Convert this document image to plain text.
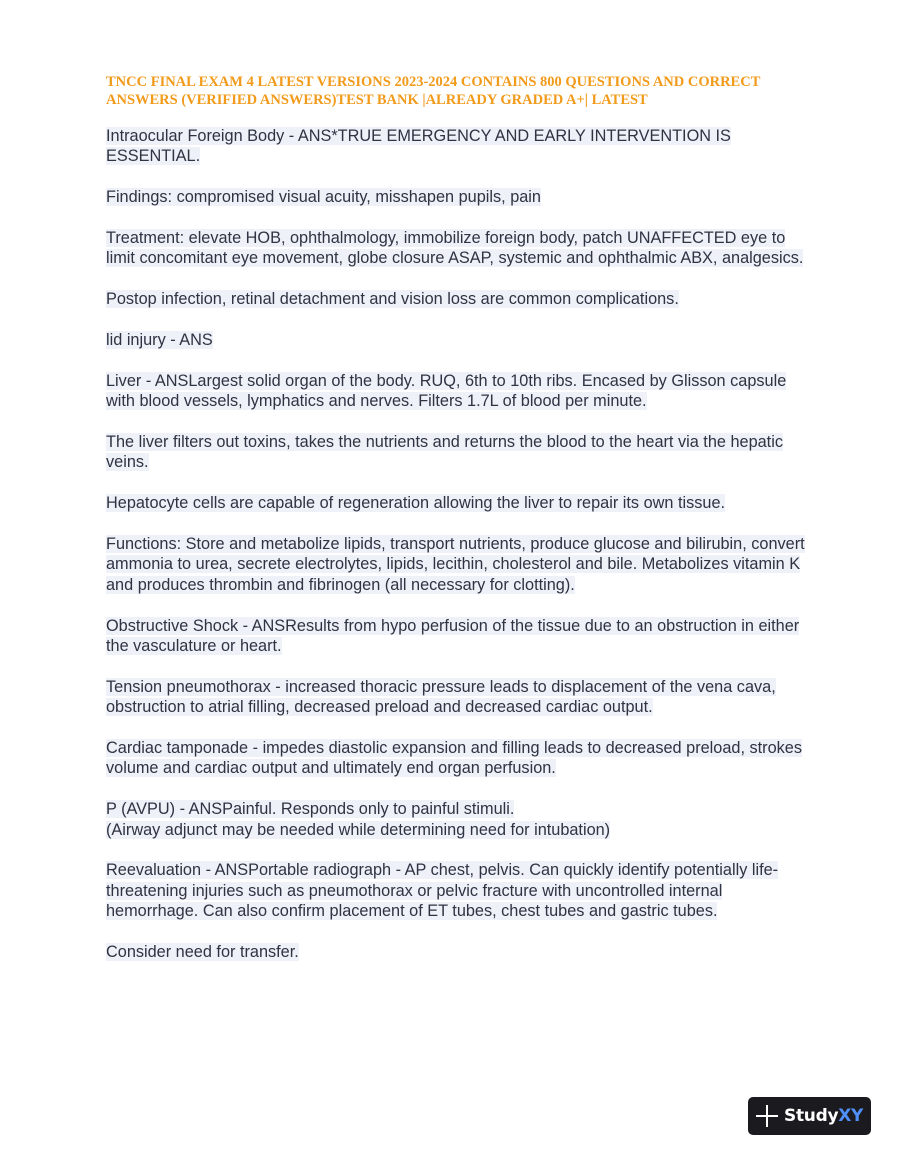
TNCC FINAL EXAM 4 LATEST VERSIONS 2023-2024 CONTAINS 800 QUESTIONS AND CORRECT ANSWERS (VERIFIED ANSWERS)TEST BANK |ALREADY GRADED A+| LATEST

Intraocular Foreign Body - ANS*TRUE EMERGENCY AND EARLY INTERVENTION IS ESSENTIAL.

Findings: compromised visual acuity, misshapen pupils, pain

Treatment: elevate HOB, ophthalmology, immobilize foreign body, patch UNAFFECTED eye to limit concomitant eye movement, globe closure ASAP, systemic and ophthalmic ABX, analgesics.

Postop infection, retinal detachment and vision loss are common complications.

lid injury - ANS

Liver - ANSLargest solid organ of the body. RUQ, 6th to 10th ribs. Encased by Glisson capsule with blood vessels, lymphatics and nerves. Filters 1.7L of blood per minute.

The liver filters out toxins, takes the nutrients and returns the blood to the heart via the hepatic veins.

Hepatocyte cells are capable of regeneration allowing the liver to repair its own tissue.

Functions: Store and metabolize lipids, transport nutrients, produce glucose and bilirubin, convert ammonia to urea, secrete electrolytes, lipids, lecithin, cholesterol and bile. Metabolizes vitamin K and produces thrombin and fibrinogen (all necessary for clotting).

Obstructive Shock - ANSResults from hypo perfusion of the tissue due to an obstruction in either the vasculature or heart.

Tension pneumothorax - increased thoracic pressure leads to displacement of the vena cava, obstruction to atrial filling, decreased preload and decreased cardiac output.

Cardiac tamponade - impedes diastolic expansion and filling leads to decreased preload, strokes volume and cardiac output and ultimately end organ perfusion.

P (AVPU) - ANSPainful. Responds only to painful stimuli.
(Airway adjunct may be needed while determining need for intubation)

Reevaluation - ANSPortable radiograph - AP chest, pelvis. Can quickly identify potentially life-threatening injuries such as pneumothorax or pelvic fracture with uncontrolled internal hemorrhage. Can also confirm placement of ET tubes, chest tubes and gastric tubes.

Consider need for transfer.

StudyXY
